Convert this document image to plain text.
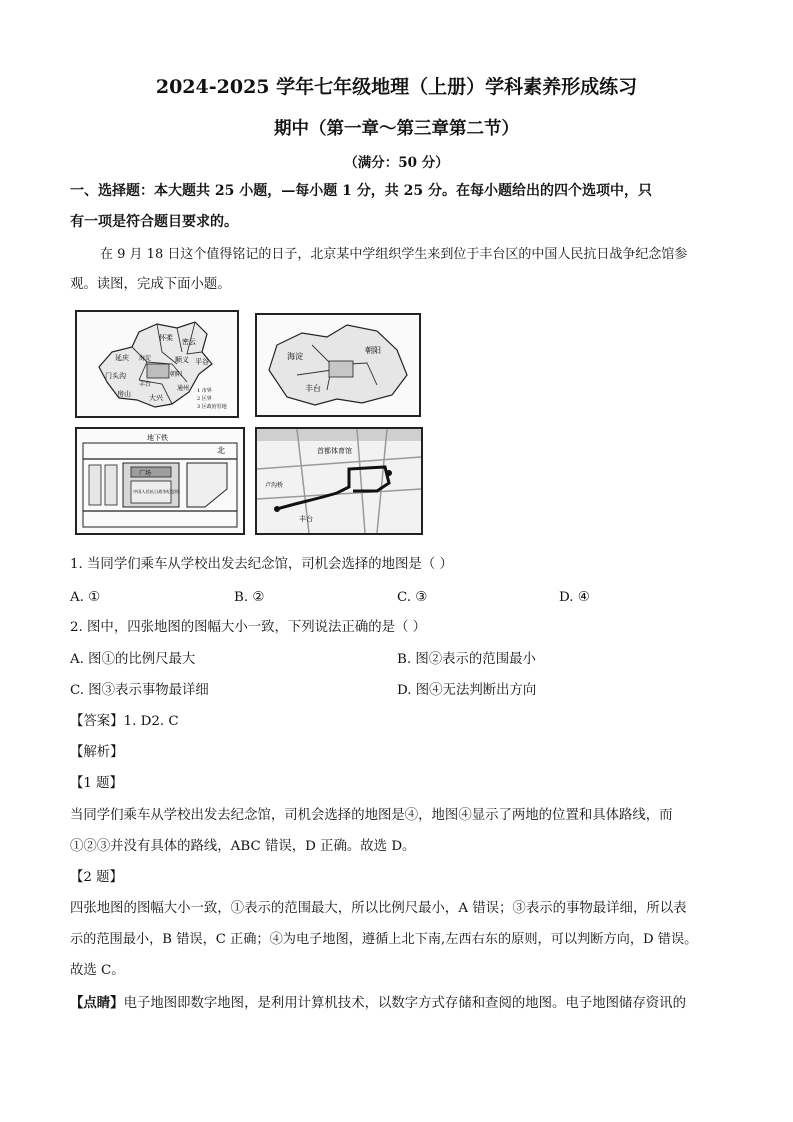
2024-2025 学年七年级地理（上册）学科素养形成练习
期中（第一章～第三章第二节）
（满分：50 分）
一、选择题：本大题共 25 小题，—每小题 1 分，共 25 分。在每小题给出的四个选项中，只
有一项是符合题目要求的。
在 9 月 18 日这个值得铭记的日子，北京某中学组织学生来到位于丰台区的中国人民抗日战争纪念馆参
观。读图，完成下面小题。
延庆
怀柔 密云
顺义 平谷
朝阳
海淀
门头沟
房山	大兴
丰台
通州 1 市界
2 区界
3 区政府驻地
海淀
朝阳
丰台
地下铁
北
广场
中国人民抗日战争纪念馆
首都体育馆
丰台
卢沟桥
1. 当同学们乘车从学校出发去纪念馆，司机会选择的地图是（ ）
A. ①	B. ②	C. ③	D. ④
2. 图中，四张地图的图幅大小一致，下列说法正确的是（ ）
A. 图①的比例尺最大	B. 图②表示的范围最小
C. 图③表示事物最详细	D. 图④无法判断出方向
【答案】1. D2. C
【解析】
【1 题】
当同学们乘车从学校出发去纪念馆，司机会选择的地图是④，地图④显示了两地的位置和具体路线，而
①②③并没有具体的路线，ABC 错误，D 正确。故选 D。
【2 题】
四张地图的图幅大小一致，①表示的范围最大，所以比例尺最小，A 错误；③表示的事物最详细，所以表
示的范围最小，B 错误，C 正确；④为电子地图，遵循上北下南,左西右东的原则，可以判断方向，D 错误。
故选 C。
【点睛】电子地图即数字地图，是利用计算机技术，以数字方式存储和查阅的地图。电子地图储存资讯的
